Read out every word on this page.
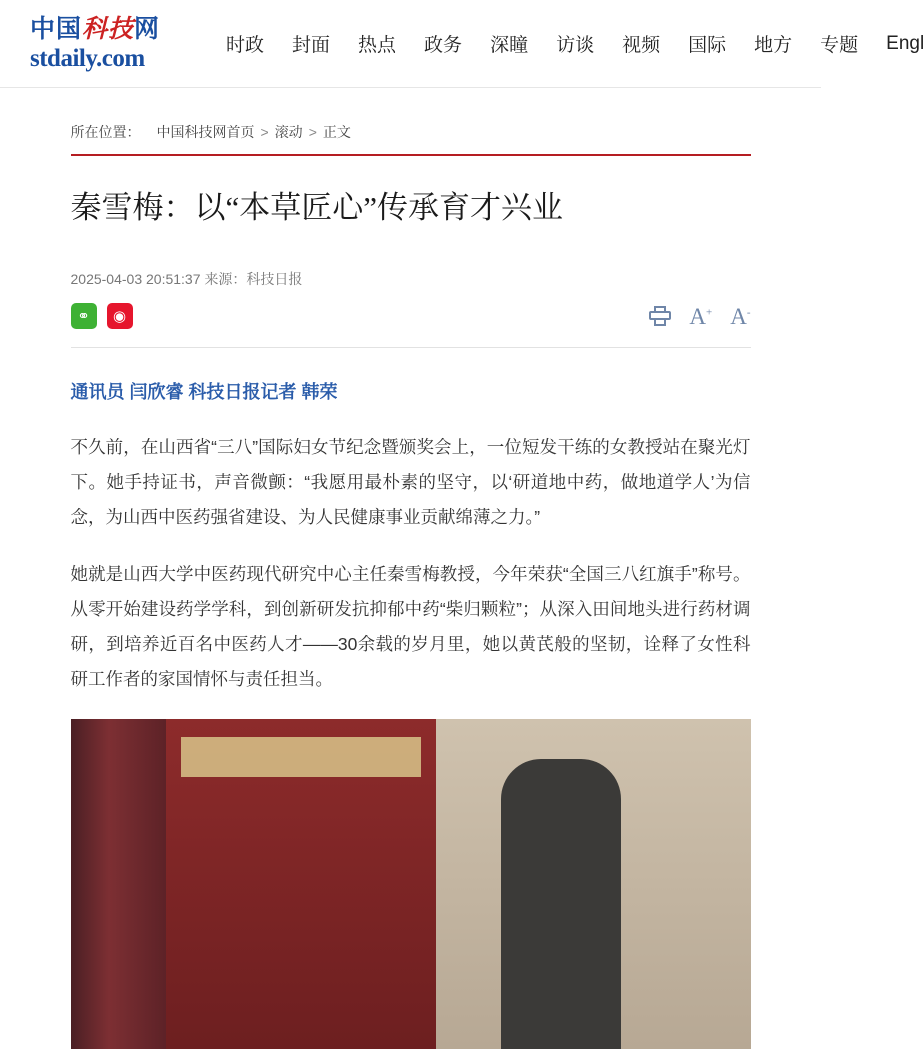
中国科技网
stdaily.com	时政 封面 热点 政务 深瞳 访谈 视频 国际 地方 专题 Engl
所在位置： 中国科技网首页 > 滚动 > 正文
秦雪梅：以“本草匠心”传承育才兴业
2025-04-03 20:51:37 来源：科技日报
⚭	◉	A+ A-
通讯员 闫欣睿 科技日报记者 韩荣

不久前，在山西省“三八”国际妇女节纪念暨颁奖会上，一位短发干练的女教授站在聚光灯下。她手持证书，声音微颤：“我愿用最朴素的坚守，以‘研道地中药，做地道学人’为信念，为山西中医药强省建设、为人民健康事业贡献绵薄之力。”

她就是山西大学中医药现代研究中心主任秦雪梅教授，今年荣获“全国三八红旗手”称号。从零开始建设药学学科，到创新研发抗抑郁中药“柴归颗粒”；从深入田间地头进行药材调研，到培养近百名中医药人才——30余载的岁月里，她以黄芪般的坚韧，诠释了女性科研工作者的家国情怀与责任担当。
